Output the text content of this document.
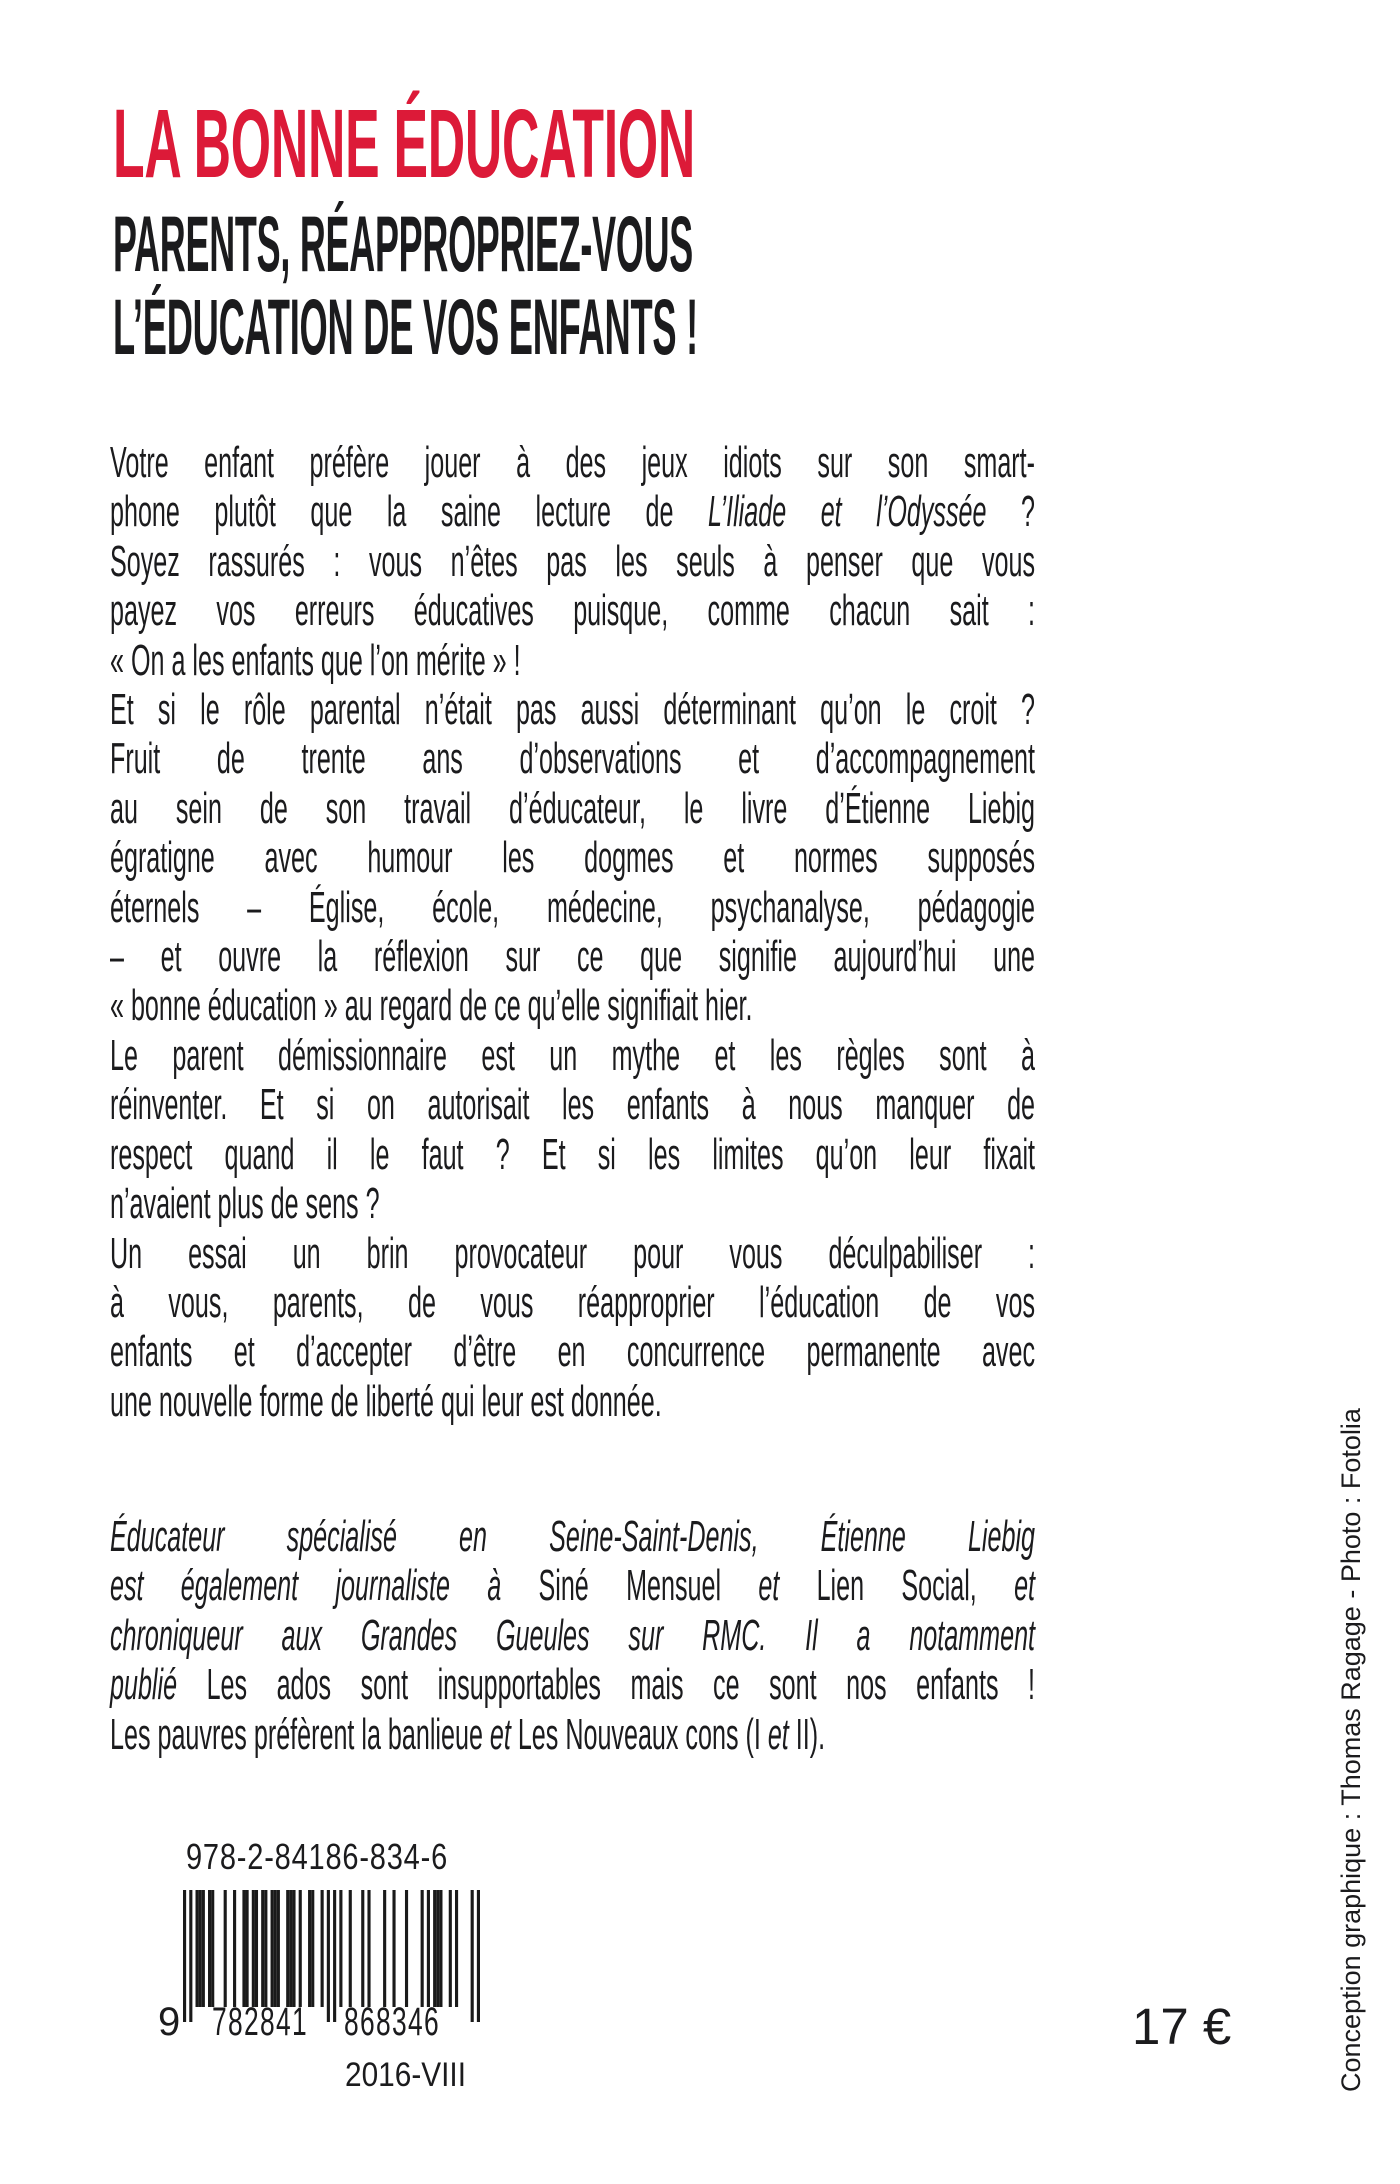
LA BONNE ÉDUCATION
PARENTS, RÉAPPROPRIEZ-VOUS
L’ÉDUCATION DE VOS ENFANTS !
Votre enfant préfère jouer à des jeux idiots sur son smart-
phone plutôt que la saine lecture de L’Iliade et l’Odyssée ?
Soyez rassurés : vous n’êtes pas les seuls à penser que vous
payez vos erreurs éducatives puisque, comme chacun sait :
« On a les enfants que l’on mérite » !
Et si le rôle parental n’était pas aussi déterminant qu’on le croit ?
Fruit de trente ans d’observations et d’accompagnement
au sein de son travail d’éducateur, le livre d’Étienne Liebig
égratigne avec humour les dogmes et normes supposés
éternels – Église, école, médecine, psychanalyse, pédagogie
– et ouvre la réflexion sur ce que signifie aujourd’hui une
« bonne éducation » au regard de ce qu’elle signifiait hier.
Le parent démissionnaire est un mythe et les règles sont à
réinventer. Et si on autorisait les enfants à nous manquer de
respect quand il le faut ? Et si les limites qu’on leur fixait
n’avaient plus de sens ?
Un essai un brin provocateur pour vous déculpabiliser :
à vous, parents, de vous réapproprier l’éducation de vos
enfants et d’accepter d’être en concurrence permanente avec
une nouvelle forme de liberté qui leur est donnée.
Éducateur spécialisé en Seine-Saint-Denis, Étienne Liebig
est également journaliste à Siné Mensuel et Lien Social, et
chroniqueur aux Grandes Gueules sur RMC. Il a notamment
publié Les ados sont insupportables mais ce sont nos enfants !
Les pauvres préfèrent la banlieue et Les Nouveaux cons (I et II).
978-2-84186-834-6
9 782841 868346
2016-VIII
17 €	Conception graphique : Thomas Ragage - Photo : Fotolia
